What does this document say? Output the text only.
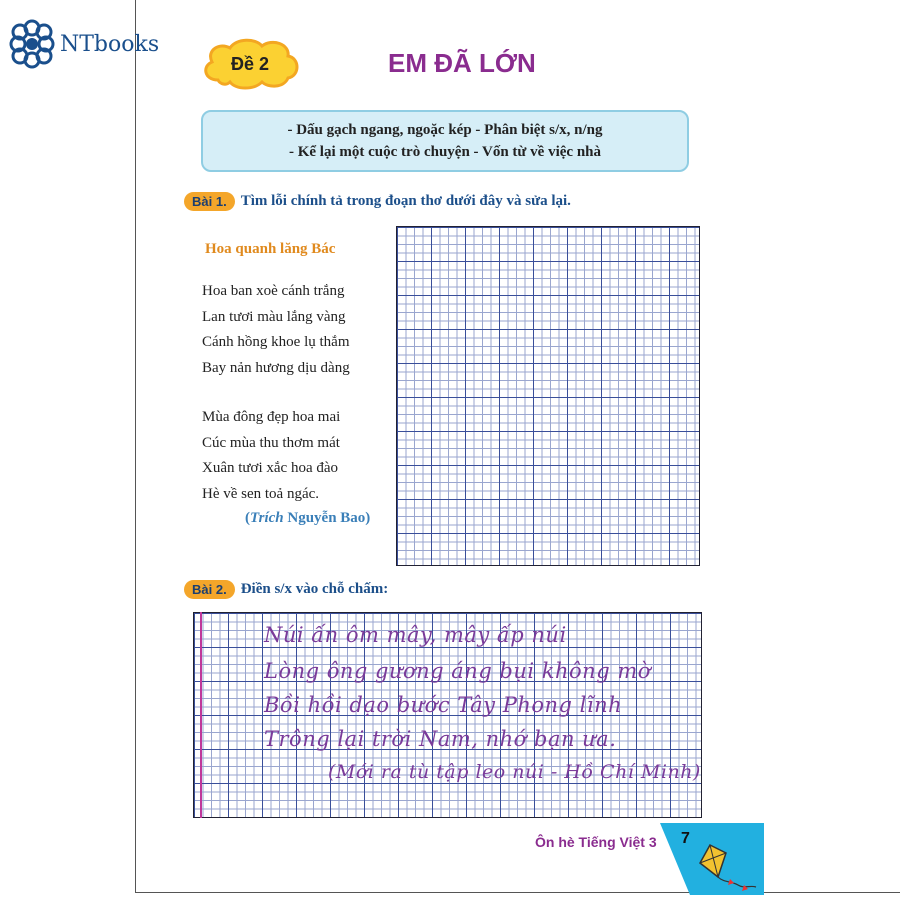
NTbooks
Đề 2	EM ĐÃ LỚN
- Dấu gạch ngang, ngoặc kép - Phân biệt s/x, n/ng
- Kể lại một cuộc trò chuyện - Vốn từ về việc nhà
Bài 1. Tìm lỗi chính tả trong đoạn thơ dưới đây và sửa lại.
Hoa quanh lăng Bác
Hoa ban xoè cánh trắng
Lan tươi màu lắng vàng
Cánh hồng khoe lụ thắm
Bay nản hương dịu dàng
Mùa đông đẹp hoa mai
Cúc mùa thu thơm mát
Xuân tươi xắc hoa đào
Hè về sen toả ngác.
(Trích Nguyễn Bao)
Bài 2. Điền s/x vào chỗ chấm:
Núi ấn ôm mây, mây ấp núi
Lòng ông gương áng bụi không mờ
Bồi hồi dạo bước Tây Phong lĩnh
Trông lại trời Nam, nhớ bạn ưa.
(Mới ra tù tập leo núi - Hồ Chí Minh)
Ôn hè Tiếng Việt 3 7
